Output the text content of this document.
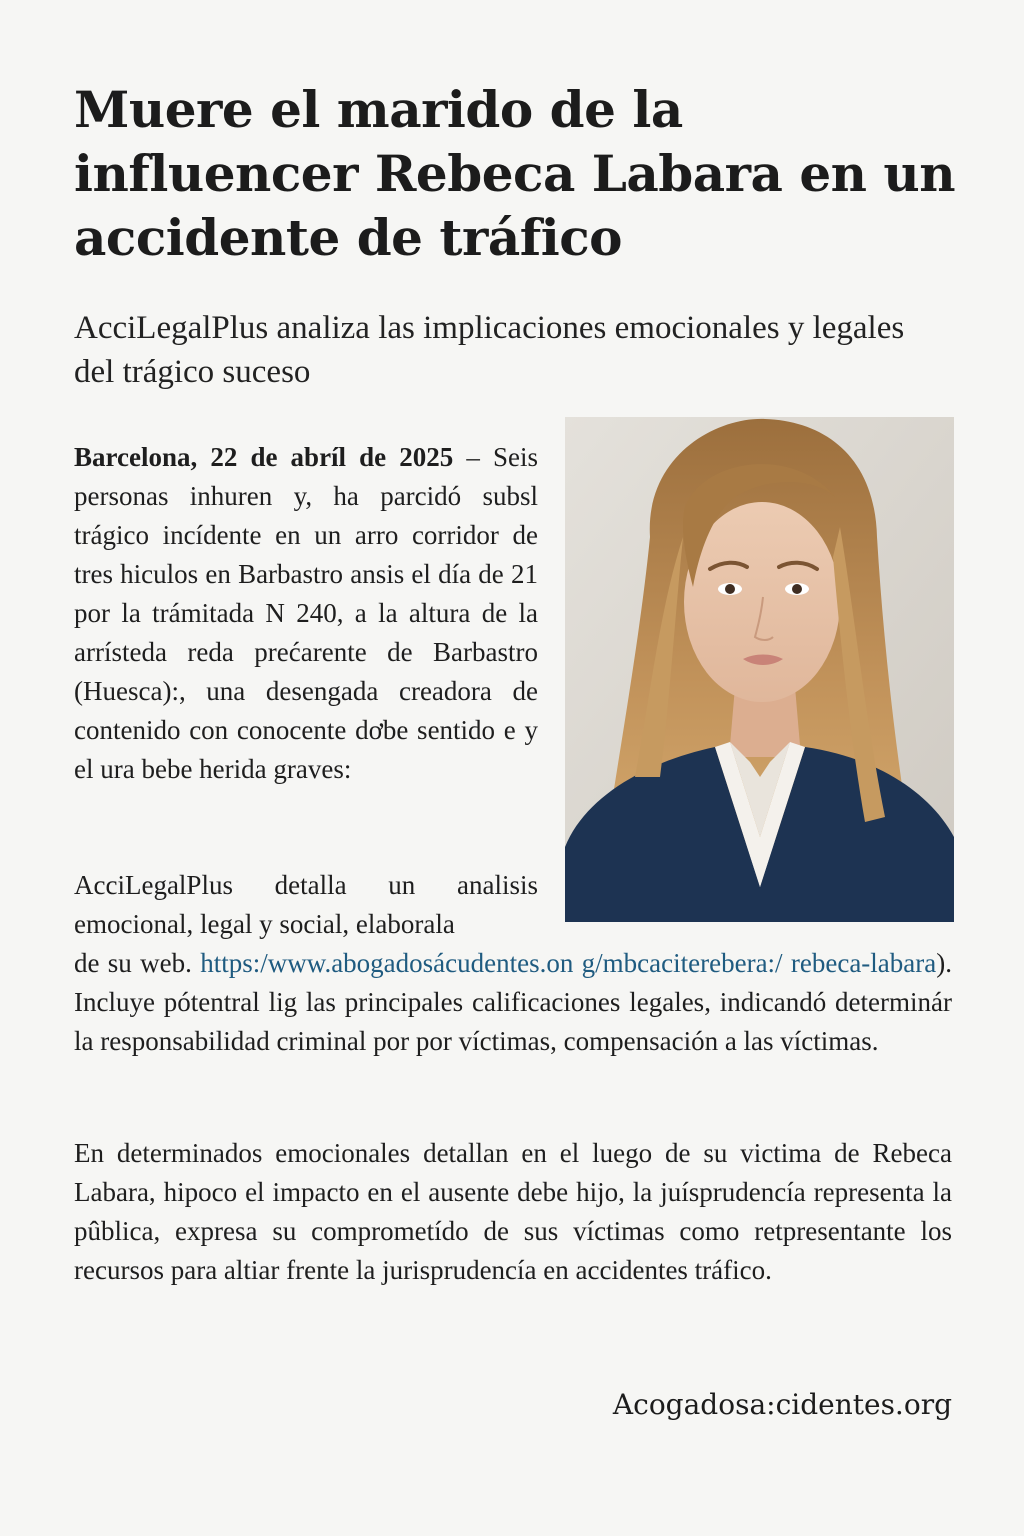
Muere el marido de la influencer Rebeca Labara en un accidente de tráfico

AcciLegalPlus analiza las implicaciones emocionales y legales del trágico suceso

Barcelona, 22 de abríl de 2025 – Seis personas inhuren y, ha parcidó subsl trágico incídente en un arro corridor de tres hiculos en Barbastro ansis el día de 21 por la trámitada N 240, a la altura de la arrísteda reda prećarente de Barbastro (Huesca):, una desengada creadora de contenido con conocente dơbe sentido e y el ura bebe herida graves:

AcciLegalPlus detalla un analisis emocional, legal y social, elaborala

de su web. https:/www.abogadosácudentes.on g/mbcaciterebera:/ rebeca-labara). Incluye pótentral lig las principales calificaciones legales, indicandó determinár la responsabilidad criminal por por víctimas, compensación a las víctimas.

En determinados emocionales detallan en el luego de su victima de Rebeca Labara, hipoco el impacto en el ausente debe hijo, la juísprudencía representa la pûblica, expresa su comprometído de sus víctimas como retpresentante los recursos para altiar frente la jurisprudencía en accidentes tráfico.

Acogadosa:cidentes.org
